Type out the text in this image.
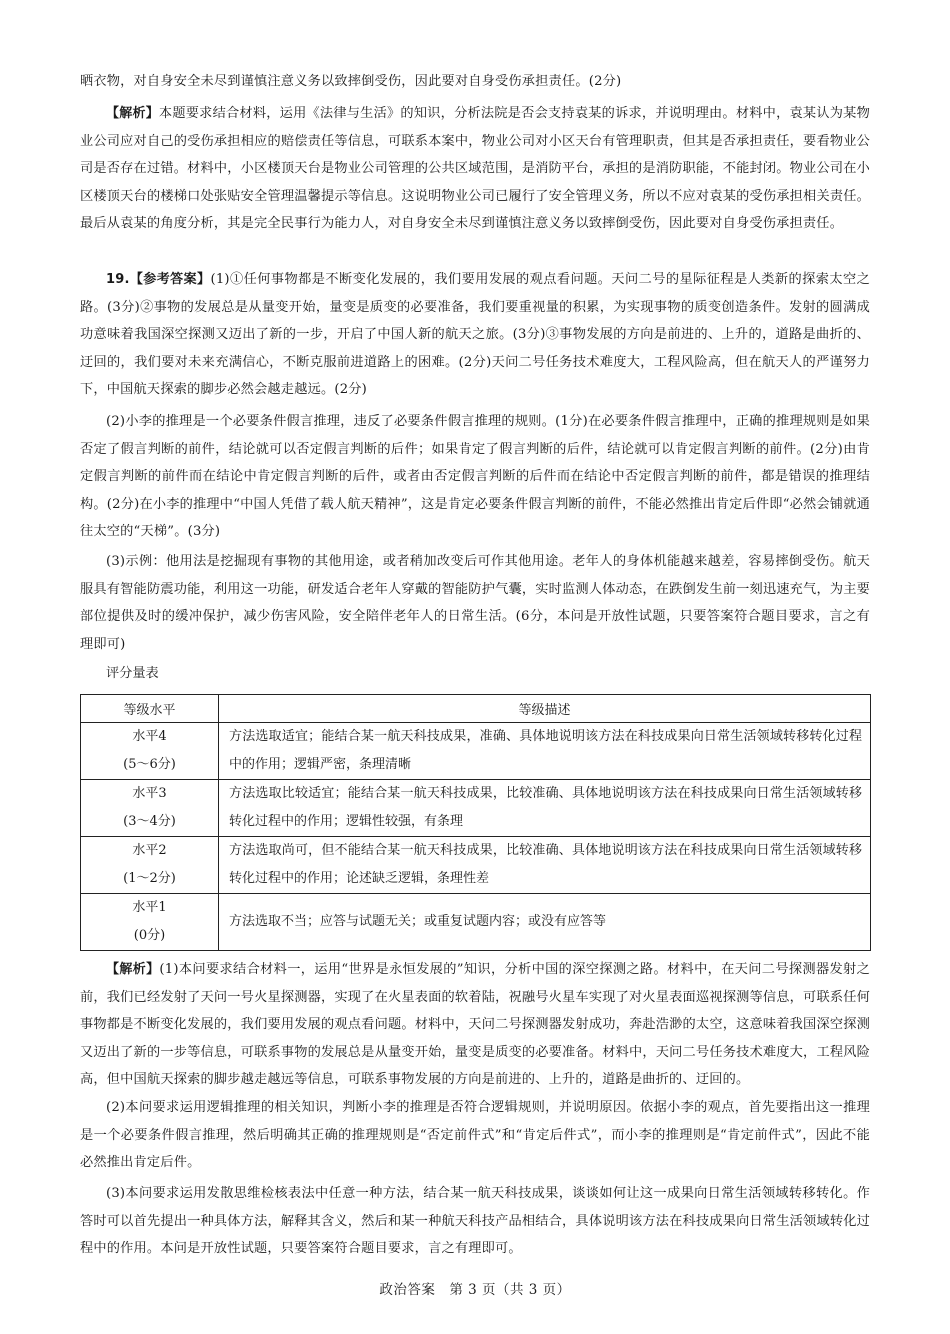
晒衣物，对自身安全未尽到谨慎注意义务以致摔倒受伤，因此要对自身受伤承担责任。(2分)

【解析】本题要求结合材料，运用《法律与生活》的知识，分析法院是否会支持袁某的诉求，并说明理由。材料中，袁某认为某物业公司应对自己的受伤承担相应的赔偿责任等信息，可联系本案中，物业公司对小区天台有管理职责，但其是否承担责任，要看物业公司是否存在过错。材料中，小区楼顶天台是物业公司管理的公共区域范围，是消防平台，承担的是消防职能，不能封闭。物业公司在小区楼顶天台的楼梯口处张贴安全管理温馨提示等信息。这说明物业公司已履行了安全管理义务，所以不应对袁某的受伤承担相关责任。最后从袁某的角度分析，其是完全民事行为能力人，对自身安全未尽到谨慎注意义务以致摔倒受伤，因此要对自身受伤承担责任。

19.【参考答案】(1)①任何事物都是不断变化发展的，我们要用发展的观点看问题。天问二号的星际征程是人类新的探索太空之路。(3分)②事物的发展总是从量变开始，量变是质变的必要准备，我们要重视量的积累，为实现事物的质变创造条件。发射的圆满成功意味着我国深空探测又迈出了新的一步，开启了中国人新的航天之旅。(3分)③事物发展的方向是前进的、上升的，道路是曲折的、迂回的，我们要对未来充满信心，不断克服前进道路上的困难。(2分)天问二号任务技术难度大，工程风险高，但在航天人的严谨努力下，中国航天探索的脚步必然会越走越远。(2分)

(2)小李的推理是一个必要条件假言推理，违反了必要条件假言推理的规则。(1分)在必要条件假言推理中，正确的推理规则是如果否定了假言判断的前件，结论就可以否定假言判断的后件；如果肯定了假言判断的后件，结论就可以肯定假言判断的前件。(2分)由肯定假言判断的前件而在结论中肯定假言判断的后件，或者由否定假言判断的后件而在结论中否定假言判断的前件，都是错误的推理结构。(2分)在小李的推理中“中国人凭借了载人航天精神”，这是肯定必要条件假言判断的前件，不能必然推出肯定后件即“必然会铺就通往太空的“天梯”。(3分)

(3)示例：他用法是挖掘现有事物的其他用途，或者稍加改变后可作其他用途。老年人的身体机能越来越差，容易摔倒受伤。航天服具有智能防震功能，利用这一功能，研发适合老年人穿戴的智能防护气囊，实时监测人体动态，在跌倒发生前一刻迅速充气，为主要部位提供及时的缓冲保护，减少伤害风险，安全陪伴老年人的日常生活。(6分，本问是开放性试题，只要答案符合题目要求，言之有理即可)

评分量表
等级水平	等级描述

水平4
(5～6分)	方法选取适宜；能结合某一航天科技成果，准确、具体地说明该方法在科技成果向日常生活领域转移转化过程中的作用；逻辑严密，条理清晰

水平3
(3～4分)	方法选取比较适宜；能结合某一航天科技成果，比较准确、具体地说明该方法在科技成果向日常生活领域转移转化过程中的作用；逻辑性较强，有条理

水平2
(1～2分)	方法选取尚可，但不能结合某一航天科技成果，比较准确、具体地说明该方法在科技成果向日常生活领域转移转化过程中的作用；论述缺乏逻辑，条理性差

水平1
(0分)	方法选取不当；应答与试题无关；或重复试题内容；或没有应答等

【解析】(1)本问要求结合材料一，运用“世界是永恒发展的”知识，分析中国的深空探测之路。材料中，在天问二号探测器发射之前，我们已经发射了天问一号火星探测器，实现了在火星表面的软着陆，祝融号火星车实现了对火星表面巡视探测等信息，可联系任何事物都是不断变化发展的，我们要用发展的观点看问题。材料中，天问二号探测器发射成功，奔赴浩渺的太空，这意味着我国深空探测又迈出了新的一步等信息，可联系事物的发展总是从量变开始，量变是质变的必要准备。材料中，天问二号任务技术难度大，工程风险高，但中国航天探索的脚步越走越远等信息，可联系事物发展的方向是前进的、上升的，道路是曲折的、迂回的。

(2)本问要求运用逻辑推理的相关知识，判断小李的推理是否符合逻辑规则，并说明原因。依据小李的观点，首先要指出这一推理是一个必要条件假言推理，然后明确其正确的推理规则是“否定前件式”和“肯定后件式”，而小李的推理则是“肯定前件式”，因此不能必然推出肯定后件。

(3)本问要求运用发散思维检核表法中任意一种方法，结合某一航天科技成果，谈谈如何让这一成果向日常生活领域转移转化。作答时可以首先提出一种具体方法，解释其含义，然后和某一种航天科技产品相结合，具体说明该方法在科技成果向日常生活领域转化过程中的作用。本问是开放性试题，只要答案符合题目要求，言之有理即可。

政治答案　第 3 页（共 3 页）
